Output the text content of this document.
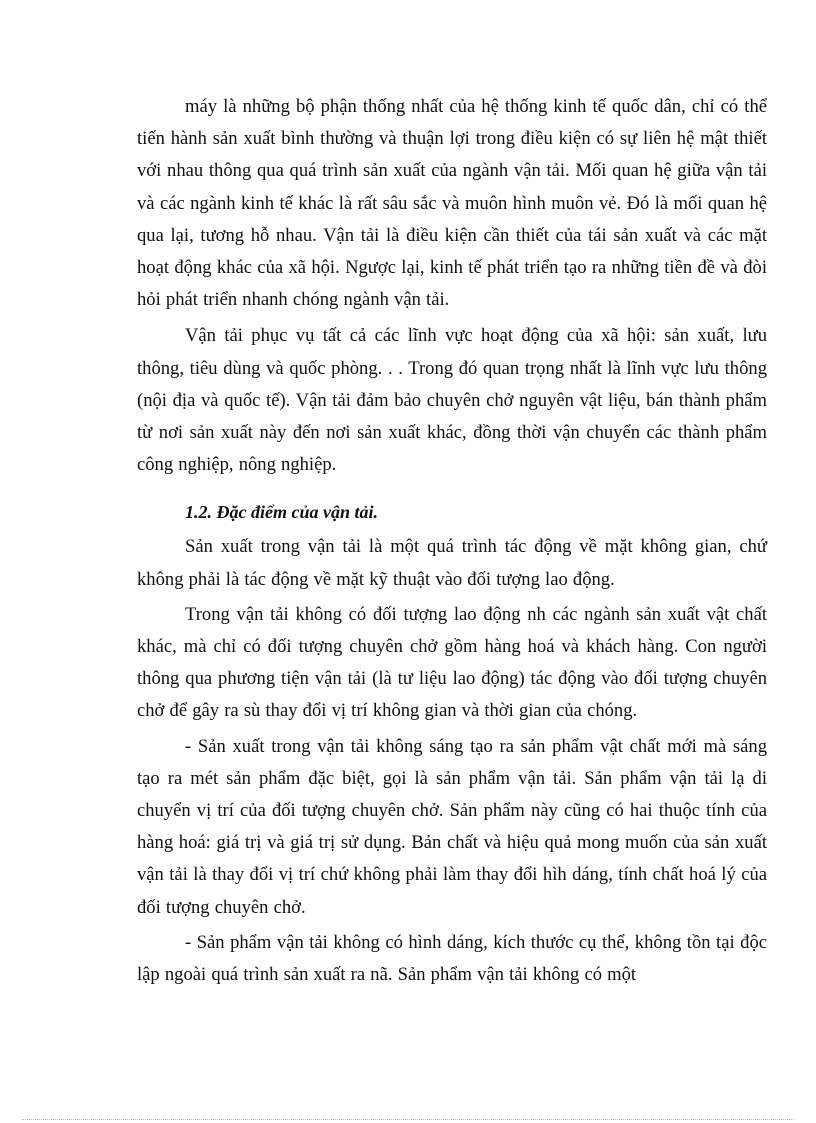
máy là những bộ phận thống nhất của hệ thống kinh tế quốc dân, chỉ có thể tiến hành sản xuất bình thường và thuận lợi trong điều kiện có sự liên hệ mật thiết với nhau thông qua quá trình sản xuất của ngành vận tải. Mối quan hệ giữa vận tải và các ngành kinh tế khác là rất sâu sắc và muôn hình muôn vẻ. Đó là mối quan hệ qua lại, tương hỗ nhau. Vận tải là điều kiện cần thiết của tái sản xuất và các mặt hoạt động khác của xã hội. Ngược lại, kinh tế phát triển tạo ra những tiền đề và đòi hỏi phát triển nhanh chóng ngành vận tải.

Vận tải phục vụ tất cả các lĩnh vực hoạt động của xã hội: sản xuất, lưu thông, tiêu dùng và quốc phòng. . . Trong đó quan trọng nhất là lĩnh vực lưu thông (nội địa và quốc tế). Vận tải đảm bảo chuyên chở nguyên vật liệu, bán thành phẩm từ nơi sản xuất này đến nơi sản xuất khác, đồng thời vận chuyển các thành phẩm công nghiệp, nông nghiệp.

1.2. Đặc điểm của vận tải.

Sản xuất trong vận tải là một quá trình tác động về mặt không gian, chứ không phải là tác động về mặt kỹ thuật vào đối tượng lao động.

Trong vận tải không có đối tượng lao động nh các ngành sản xuất vật chất khác, mà chỉ có đối tượng chuyên chở gồm hàng hoá và khách hàng. Con người thông qua phương tiện vận tải (là tư liệu lao động) tác động vào đối tượng chuyên chở để gây ra sù thay đổi vị trí không gian và thời gian của chóng.

- Sản xuất trong vận tải không sáng tạo ra sản phẩm vật chất mới mà sáng tạo ra mét sản phẩm đặc biệt, gọi là sản phẩm vận tải. Sản phẩm vận tải lạ di chuyển vị trí của đối tượng chuyên chở. Sản phẩm này cũng có hai thuộc tính của hàng hoá: giá trị và giá trị sử dụng. Bản chất và hiệu quả mong muốn của sản xuất vận tải là thay đổi vị trí chứ không phải làm thay đổi hìh dáng, tính chất hoá lý của đối tượng chuyên chở.

- Sản phẩm vận tải không có hình dáng, kích thước cụ thể, không tồn tại độc lập ngoài quá trình sản xuất ra nã. Sản phẩm vận tải không có một
